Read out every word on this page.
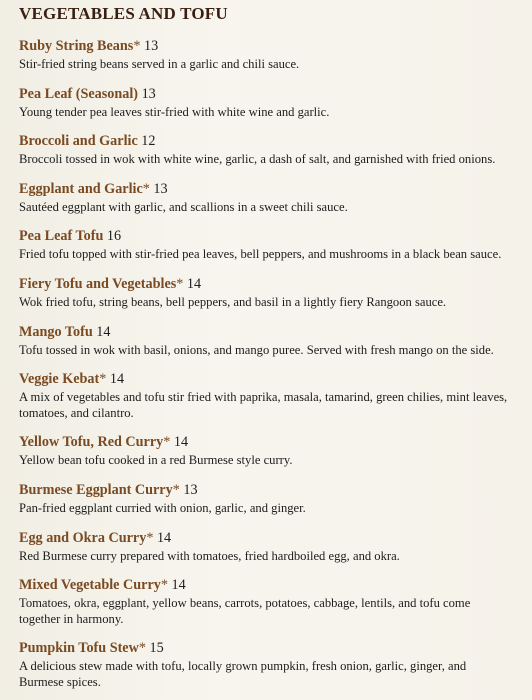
VEGETABLES AND TOFU
Ruby String Beans* 13
Stir-fried string beans served in a garlic and chili sauce.
Pea Leaf (Seasonal) 13
Young tender pea leaves stir-fried with white wine and garlic.
Broccoli and Garlic 12
Broccoli tossed in wok with white wine, garlic, a dash of salt, and garnished with fried onions.
Eggplant and Garlic* 13
Sautéed eggplant with garlic, and scallions in a sweet chili sauce.
Pea Leaf Tofu 16
Fried tofu topped with stir-fried pea leaves, bell peppers, and mushrooms in a black bean sauce.
Fiery Tofu and Vegetables* 14
Wok fried tofu, string beans, bell peppers, and basil in a lightly fiery Rangoon sauce.
Mango Tofu 14
Tofu tossed in wok with basil, onions, and mango puree. Served with fresh mango on the side.
Veggie Kebat* 14
A mix of vegetables and tofu stir fried with paprika, masala, tamarind, green chilies, mint leaves, tomatoes, and cilantro.
Yellow Tofu, Red Curry* 14
Yellow bean tofu cooked in a red Burmese style curry.
Burmese Eggplant Curry* 13
Pan-fried eggplant curried with onion, garlic, and ginger.
Egg and Okra Curry* 14
Red Burmese curry prepared with tomatoes, fried hardboiled egg, and okra.
Mixed Vegetable Curry* 14
Tomatoes, okra, eggplant, yellow beans, carrots, potatoes, cabbage, lentils, and tofu come together in harmony.
Pumpkin Tofu Stew* 15
A delicious stew made with tofu, locally grown pumpkin, fresh onion, garlic, ginger, and Burmese spices.
